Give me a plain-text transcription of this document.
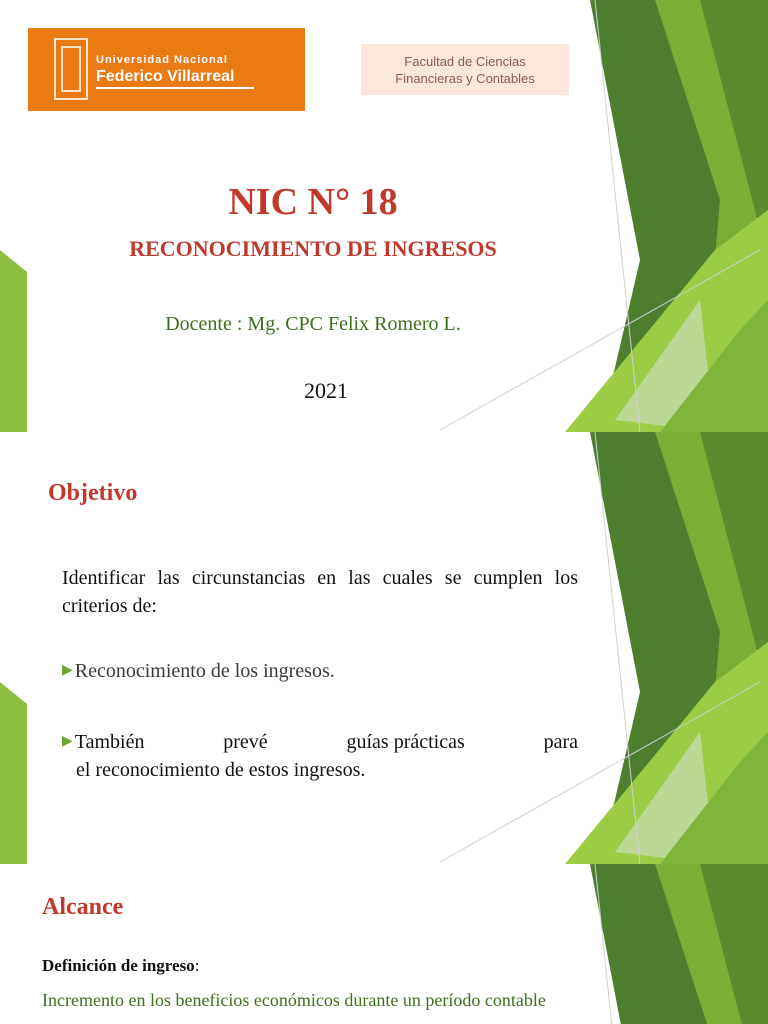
Universidad Nacional
Federico Villarreal
Facultad de Ciencias
Financieras y Contables
NIC N° 18
RECONOCIMIENTO DE INGRESOS
Docente : Mg. CPC Felix Romero L.
2021
Objetivo
Identificar las circunstancias en las cuales se cumplen los criterios de:
▶ Reconocimiento de los ingresos.
▶ También	prevé	guías prácticas	para
el reconocimiento de estos ingresos.
Alcance
Definición de ingreso:
Incremento en los beneficios económicos durante un período contable
